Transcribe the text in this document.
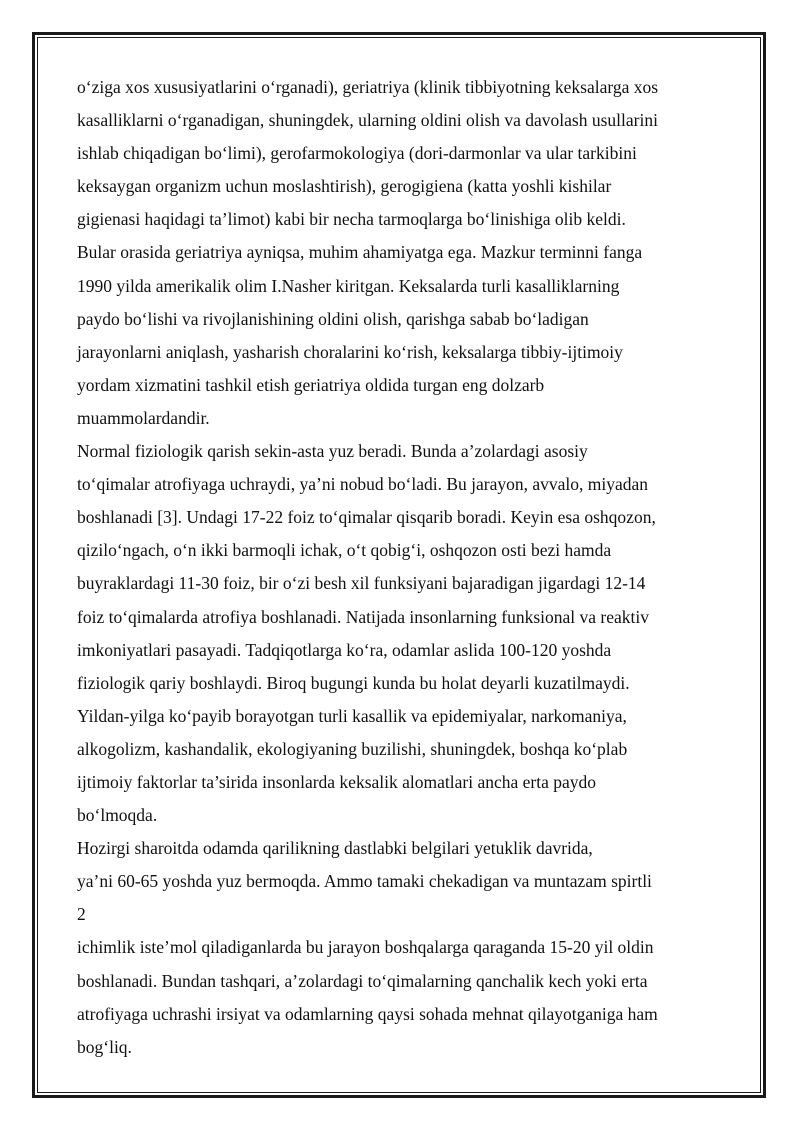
o‘ziga xos xususiyatlarini o‘rganadi), geriatriya (klinik tibbiyotning keksalarga xos
kasalliklarni o‘rganadigan, shuningdek, ularning oldini olish va davolash usullarini
ishlab chiqadigan bo‘limi), gerofarmokologiya (dori-darmonlar va ular tarkibini
keksaygan organizm uchun moslashtirish), gerogigiena (katta yoshli kishilar
gigienasi haqidagi ta’limot) kabi bir necha tarmoqlarga bo‘linishiga olib keldi.
Bular orasida geriatriya ayniqsa, muhim ahamiyatga ega. Mazkur terminni fanga
1990 yilda amerikalik olim I.Nasher kiritgan. Keksalarda turli kasalliklarning
paydo bo‘lishi va rivojlanishining oldini olish, qarishga sabab bo‘ladigan
jarayonlarni aniqlash, yasharish choralarini ko‘rish, keksalarga tibbiy-ijtimoiy
yordam xizmatini tashkil etish geriatriya oldida turgan eng dolzarb
muammolardandir.
Normal fiziologik qarish sekin-asta yuz beradi. Bunda a’zolardagi asosiy
to‘qimalar atrofiyaga uchraydi, ya’ni nobud bo‘ladi. Bu jarayon, avvalo, miyadan
boshlanadi [3]. Undagi 17-22 foiz to‘qimalar qisqarib boradi. Keyin esa oshqozon,
qizilo‘ngach, o‘n ikki barmoqli ichak, o‘t qobig‘i, oshqozon osti bezi hamda
buyraklardagi 11-30 foiz, bir o‘zi besh xil funksiyani bajaradigan jigardagi 12-14
foiz to‘qimalarda atrofiya boshlanadi. Natijada insonlarning funksional va reaktiv
imkoniyatlari pasayadi. Tadqiqotlarga ko‘ra, odamlar aslida 100-120 yoshda
fiziologik qariy boshlaydi. Biroq bugungi kunda bu holat deyarli kuzatilmaydi.
Yildan-yilga ko‘payib borayotgan turli kasallik va epidemiyalar, narkomaniya,
alkogolizm, kashandalik, ekologiyaning buzilishi, shuningdek, boshqa ko‘plab
ijtimoiy faktorlar ta’sirida insonlarda keksalik alomatlari ancha erta paydo
bo‘lmoqda.
Hozirgi sharoitda odamda qarilikning dastlabki belgilari yetuklik davrida,
ya’ni 60-65 yoshda yuz bermoqda. Ammo tamaki chekadigan va muntazam spirtli
2
ichimlik iste’mol qiladiganlarda bu jarayon boshqalarga qaraganda 15-20 yil oldin
boshlanadi. Bundan tashqari, a’zolardagi to‘qimalarning qanchalik kech yoki erta
atrofiyaga uchrashi irsiyat va odamlarning qaysi sohada mehnat qilayotganiga ham
bog‘liq.
